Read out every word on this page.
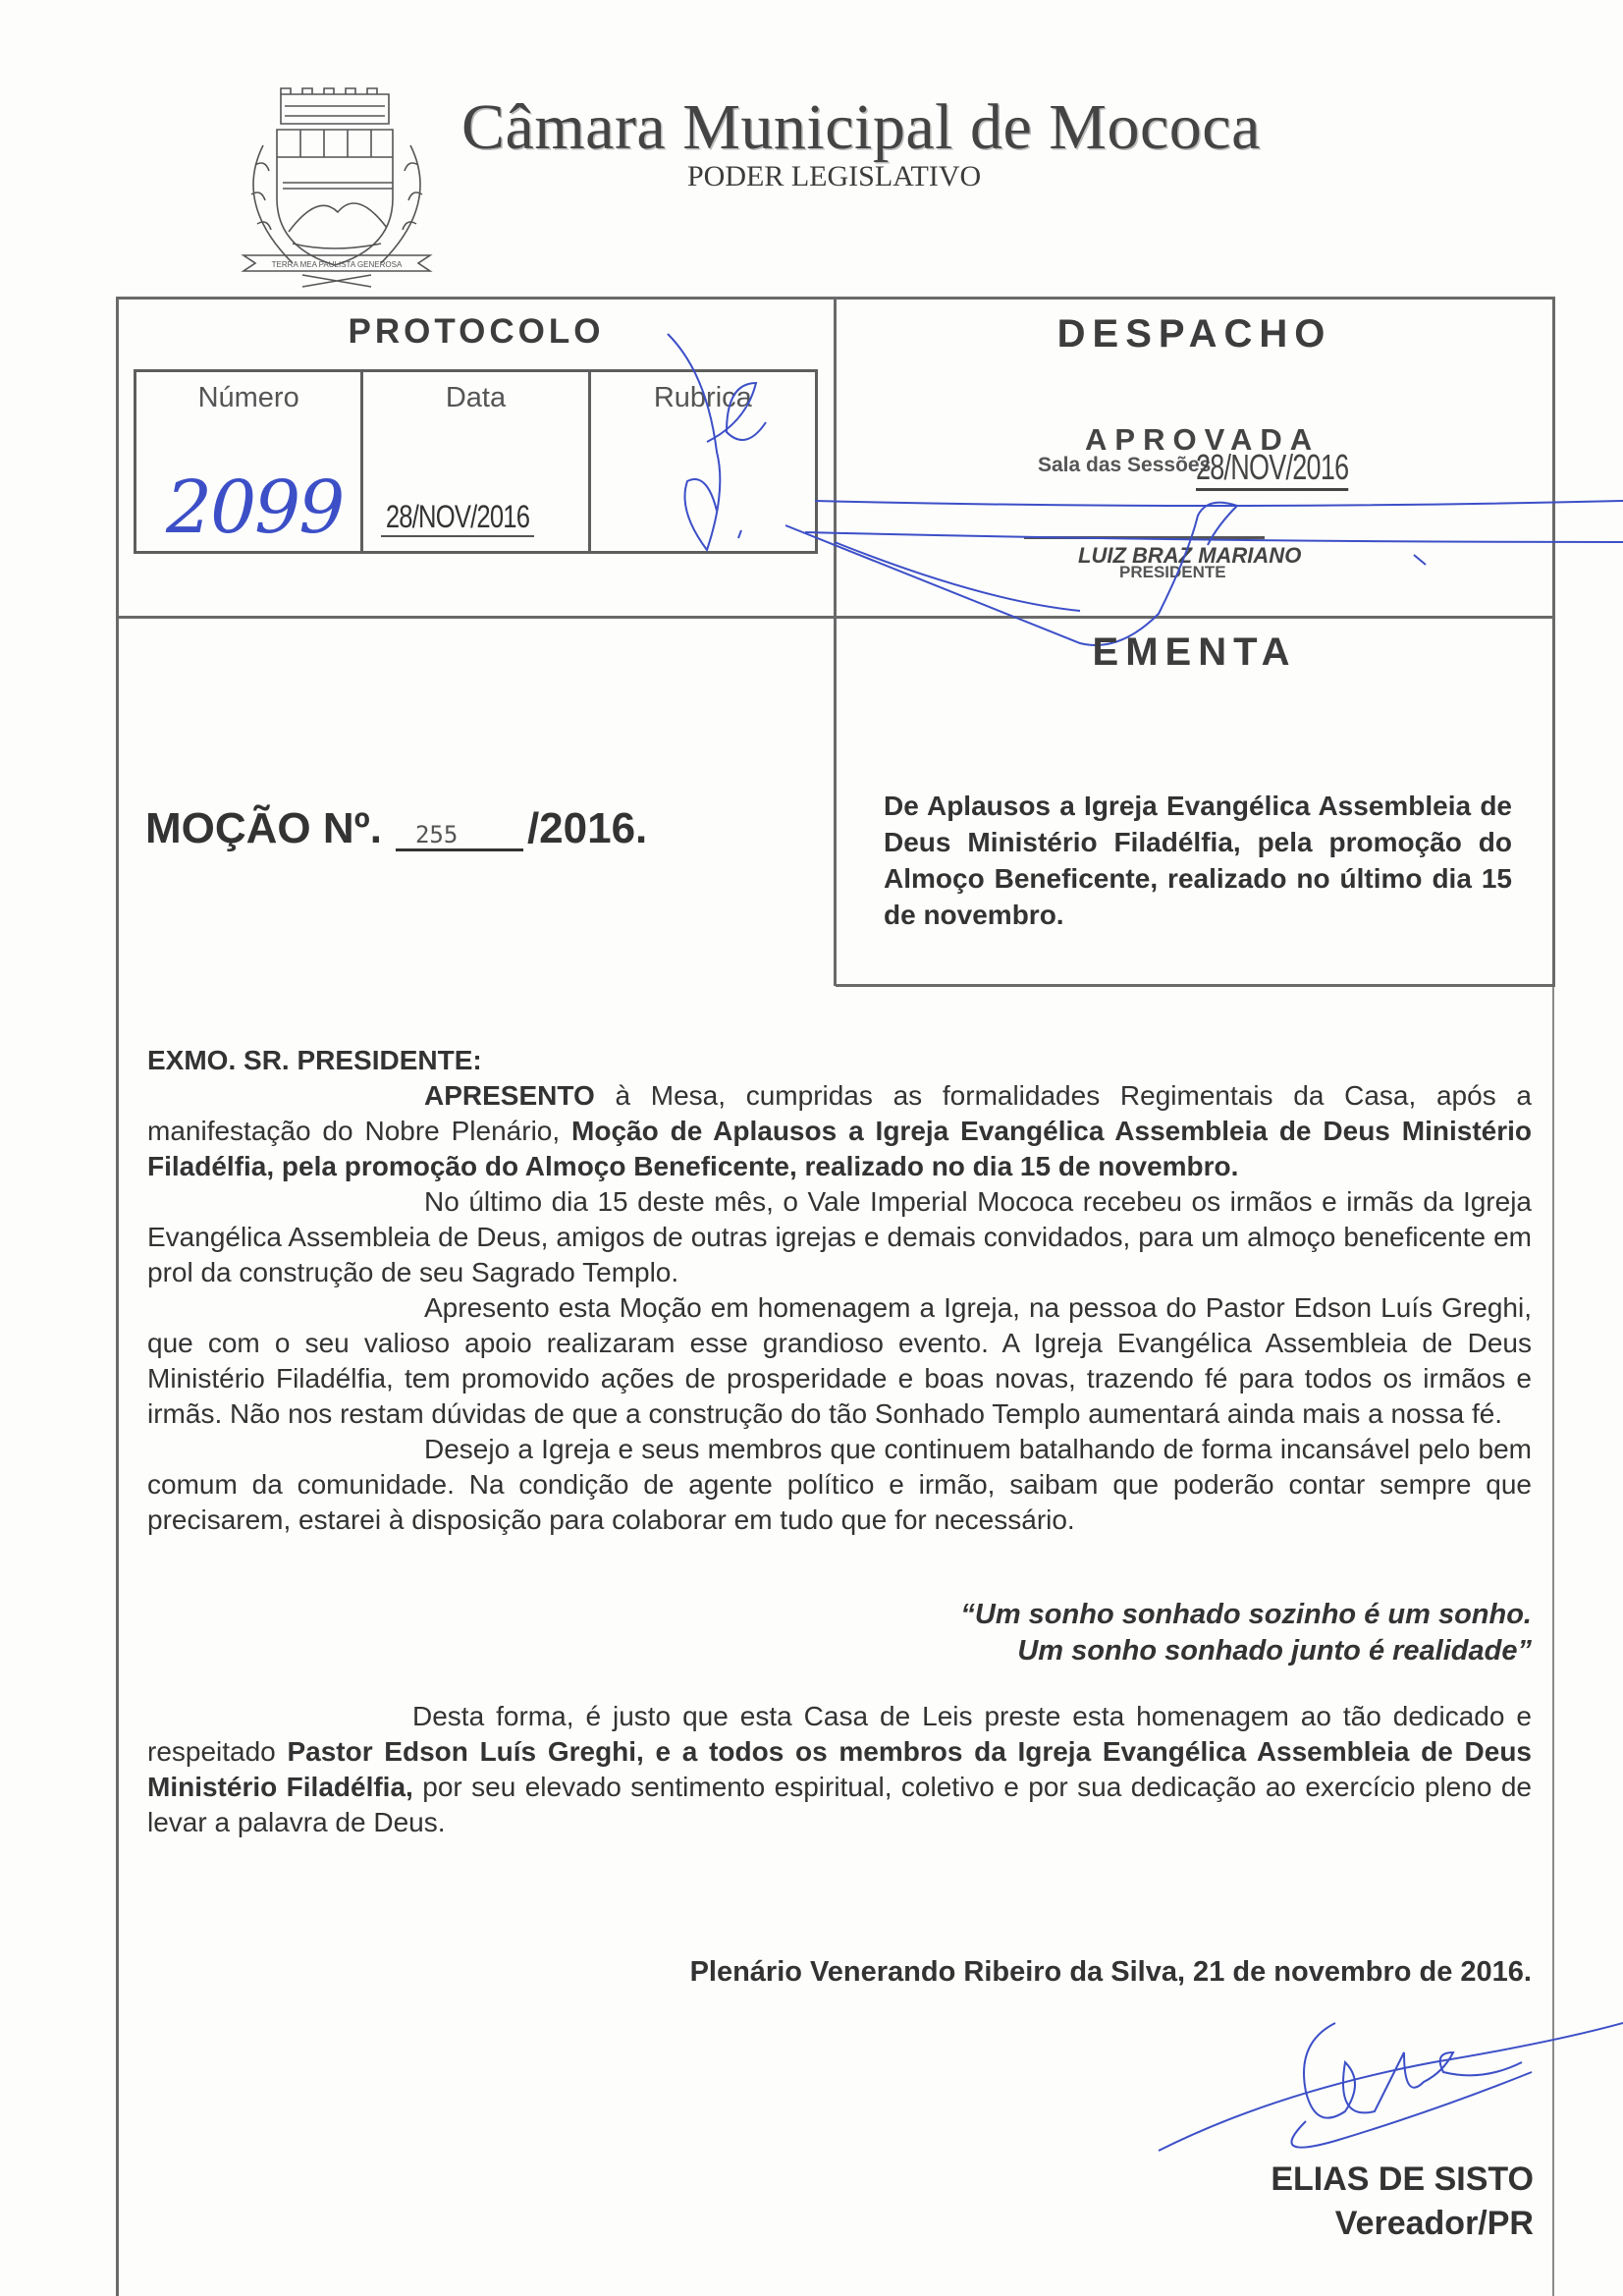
TERRA MEA PAULISTA GENEROSA
Câmara Municipal de Mococa
PODER LEGISLATIVO
PROTOCOLO
Número
2099
Data
28/NOV/2016
Rubrica
DESPACHO
APROVADA
Sala das Sessões
28/NOV/2016
LUIZ BRAZ MARIANO
PRESIDENTE
EMENTA
De Aplausos a Igreja Evangélica Assembleia de Deus Ministério Filadélfia, pela promoção do Almoço Beneficente, realizado no último dia 15 de novembro.
MOÇÃO Nº. 255 /2016.

EXMO. SR. PRESIDENTE:

APRESENTO à Mesa, cumpridas as formalidades Regimentais da Casa, após a manifestação do Nobre Plenário, Moção de Aplausos a Igreja Evangélica Assembleia de Deus Ministério Filadélfia, pela promoção do Almoço Beneficente, realizado no dia 15 de novembro.

No último dia 15 deste mês, o Vale Imperial Mococa recebeu os irmãos e irmãs da Igreja Evangélica Assembleia de Deus, amigos de outras igrejas e demais convidados, para um almoço beneficente em prol da construção de seu Sagrado Templo.

Apresento esta Moção em homenagem a Igreja, na pessoa do Pastor Edson Luís Greghi, que com o seu valioso apoio realizaram esse grandioso evento. A Igreja Evangélica Assembleia de Deus Ministério Filadélfia, tem promovido ações de prosperidade e boas novas, trazendo fé para todos os irmãos e irmãs. Não nos restam dúvidas de que a construção do tão Sonhado Templo aumentará ainda mais a nossa fé.

Desejo a Igreja e seus membros que continuem batalhando de forma incansável pelo bem comum da comunidade. Na condição de agente político e irmão, saibam que poderão contar sempre que precisarem, estarei à disposição para colaborar em tudo que for necessário.

“Um sonho sonhado sozinho é um sonho.
Um sonho sonhado junto é realidade”

Desta forma, é justo que esta Casa de Leis preste esta homenagem ao tão dedicado e respeitado Pastor Edson Luís Greghi, e a todos os membros da Igreja Evangélica Assembleia de Deus Ministério Filadélfia, por seu elevado sentimento espiritual, coletivo e por sua dedicação ao exercício pleno de levar a palavra de Deus.

Plenário Venerando Ribeiro da Silva, 21 de novembro de 2016.
ELIAS DE SISTO
Vereador/PR
